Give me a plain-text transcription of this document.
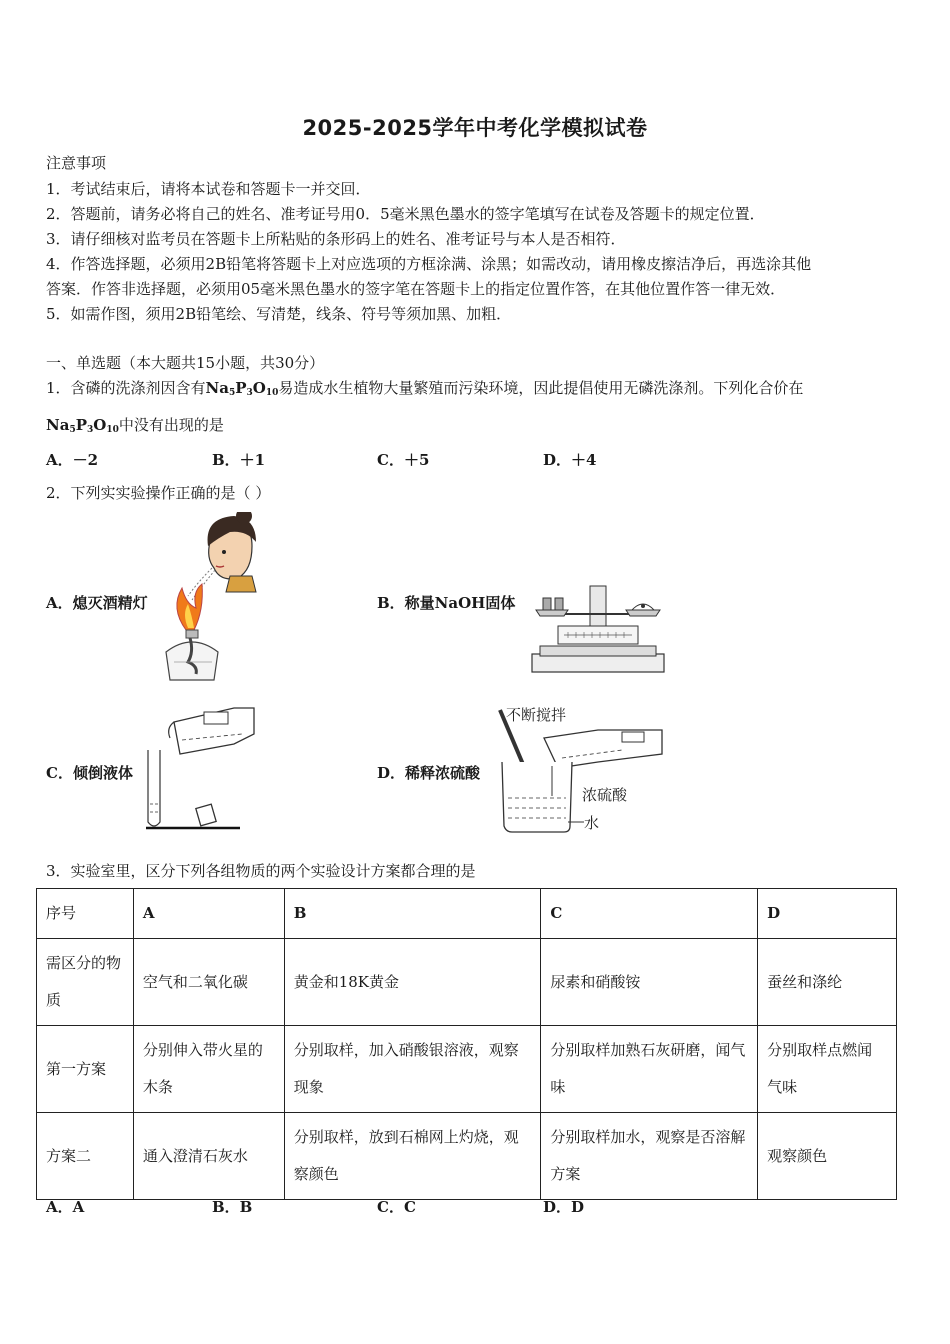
2025-2025学年中考化学模拟试卷
注意事项
1．考试结束后，请将本试卷和答题卡一并交回．
2．答题前，请务必将自己的姓名、准考证号用0．5毫米黑色墨水的签字笔填写在试卷及答题卡的规定位置．
3．请仔细核对监考员在答题卡上所粘贴的条形码上的姓名、准考证号与本人是否相符．
4．作答选择题，必须用2B铅笔将答题卡上对应选项的方框涂满、涂黑；如需改动，请用橡皮擦洁净后，再选涂其他
答案．作答非选择题，必须用05毫米黑色墨水的签字笔在答题卡上的指定位置作答，在其他位置作答一律无效．
5．如需作图，须用2B铅笔绘、写清楚，线条、符号等须加黑、加粗．
一、单选题（本大题共15小题，共30分）
1．含磷的洗涤剂因含有$Na_5P_3O_{10}$易造成水生植物大量繁殖而污染环境，因此提倡使用无磷洗涤剂。下列化合价在
$Na_5P_3O_{10}$中没有出现的是
A．－2	B．＋1	C．＋5	D．＋4
2．下列实实验操作正确的是（ ）
A．熄灭酒精灯	B．称量NaOH固体
C．倾倒液体	D．稀释浓硫酸
不断搅拌
浓硫酸
水
3．实验室里，区分下列各组物质的两个实验设计方案都合理的是
序号	A	B	C	D
需区分的物质	空气和二氧化碳	黄金和18K黄金	尿素和硝酸铵	蚕丝和涤纶
第一方案	分别伸入带火星的木条	分别取样，加入硝酸银溶液，观察现象	分别取样加熟石灰研磨，闻气味	分别取样点燃闻气味
方案二	通入澄清石灰水	分别取样，放到石棉网上灼烧，观察颜色	分别取样加水，观察是否溶解方案	观察颜色
A．A	B．B	C．C	D．D
